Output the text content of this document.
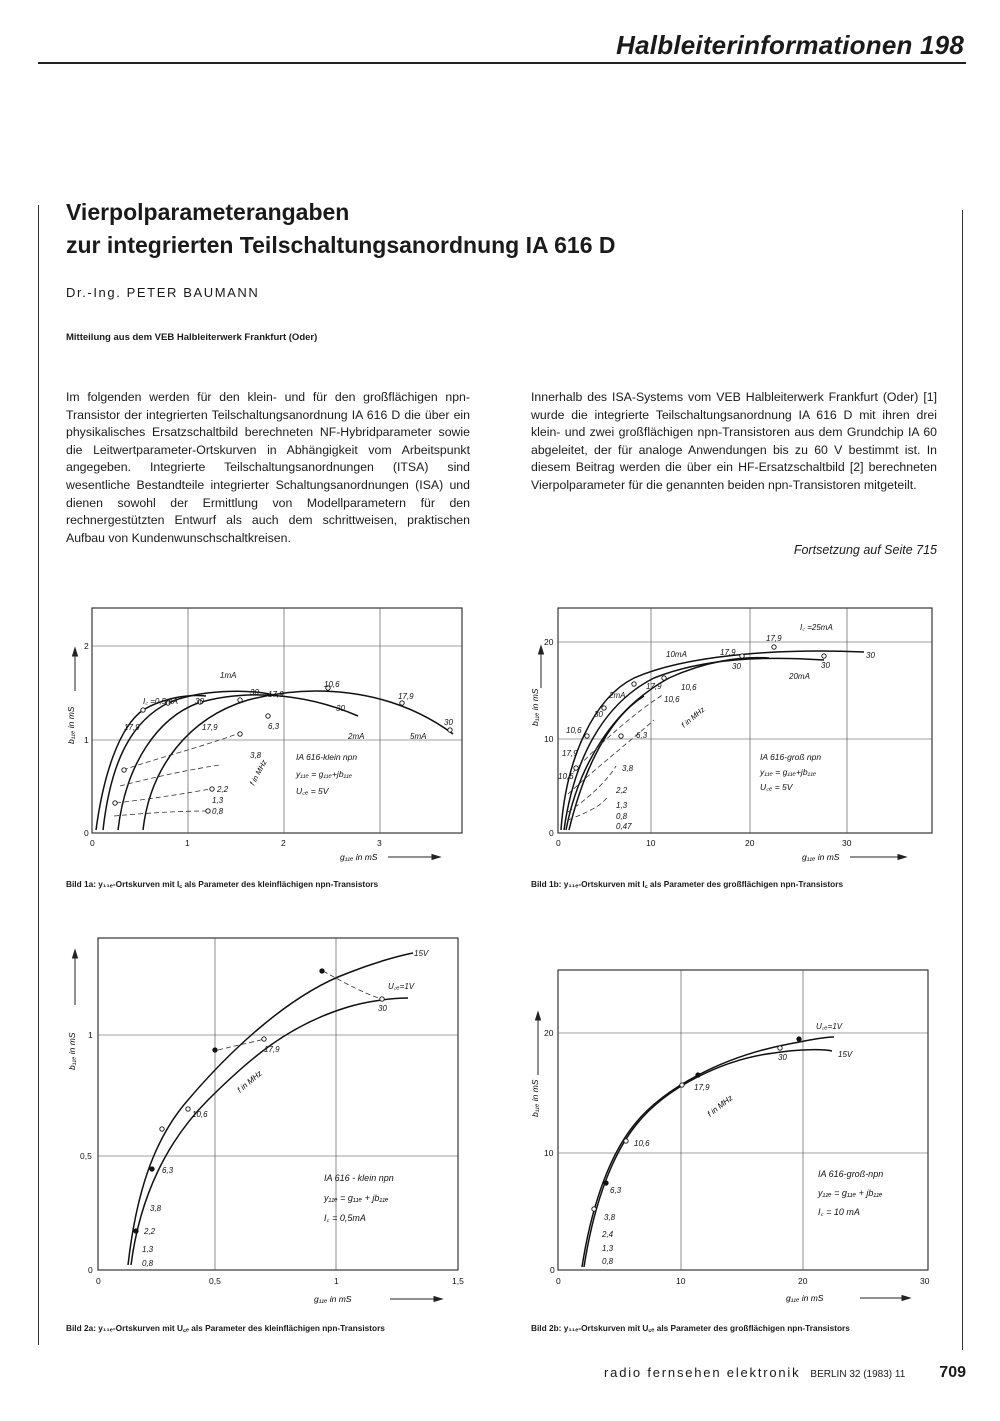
Halbleiterinformationen 198
Vierpolparameterangaben
zur integrierten Teilschaltungsanordnung IA 616 D
Dr.-Ing. PETER BAUMANN
Mitteilung aus dem VEB Halbleiterwerk Frankfurt (Oder)

Im folgenden werden für den klein- und für den großflächigen npn-Transistor der integrierten Teilschaltungsanordnung IA 616 D die über ein physikalisches Ersatzschaltbild berechneten NF-Hybridparameter sowie die Leitwertparameter-Ortskurven in Abhängigkeit vom Arbeitspunkt angegeben. Integrierte Teilschaltungsanordnungen (ITSA) sind wesentliche Bestandteile integrierter Schaltungsanordnungen (ISA) und dienen sowohl der Ermittlung von Modellparametern für den rechnergestützten Entwurf als auch dem schrittweisen, praktischen Aufbau von Kundenwunschschaltkreisen.

Innerhalb des ISA-Systems vom VEB Halbleiterwerk Frankfurt (Oder) [1] wurde die integrierte Teilschaltungsanordnung IA 616 D mit ihren drei klein- und zwei großflächigen npn-Transistoren aus dem Grundchip IA 60 abgeleitet, der für analoge Anwendungen bis zu 60 V bestimmt ist. In diesem Beitrag werden die über ein HF-Ersatzschaltbild [2] berechneten Vierpolparameter für die genannten beiden npn-Transistoren mitgeteilt.

Fortsetzung auf Seite 715
I꜀ =0,5mA
1mA
2mA	5mA
30
17,9	17,9
30 17,9
6,3
10,6
30
17,9
30
3,8
2,2
1,3
0,8
IA 616-klein npn
y₁₁ₑ = g₁₁ₑ+jb₁₁ₑ
U꜀ₑ = 5V
f in MHz
0	1	2	3
0
1
2
b₁₁ₑ in mS
g₁₁ₑ in mS

Bild 1a: y₁₁ₑ-Ortskurven mit I꜀ als Parameter des kleinflächigen npn-Transistors

I꜀ =25mA
20mA
10mA
2mA
17,9
17,9
30	30
30
17,9
10,6
10,6
30
10,6
6,3
17,9
10,6
3,8
2,2
1,3
0,8
0,47
IA 616-groß npn
y₁₁ₑ = g₁₁ₑ+jb₁₁ₑ
U꜀ₑ = 5V
f in MHz
0	10	20	30
0
10
20
b₁₁ₑ in mS
g₁₁ₑ in mS

Bild 1b: y₁₁ₑ-Ortskurven mit I꜀ als Parameter des großflächigen npn-Transistors

15V
U꜀ₑ=1V
30
17,9
10,6
6,3
3,8
2,2
1,3
0,8
f in MHz
IA 616 - klein npn
y₁₁ₑ = g₁₁ₑ + jb₁₁ₑ
I꜀ = 0,5mA
0	0,5	1	1,5
0
0,5
1
b₁₁ₑ in mS
g₁₁ₑ in mS

Bild 2a: y₁₁ₑ-Ortskurven mit U꜀ₑ als Parameter des kleinflächigen npn-Transistors

U꜀ₑ=1V
15V
30
17,9
10,6
6,3
3,8
2,4
1,3
0,8
f in MHz
IA 616-groß-npn
y₁₁ₑ = g₁₁ₑ + jb₁₁ₑ
I꜀ = 10 mA
0	10	20	30
0
10
20
b₁₁ₑ in mS
g₁₁ₑ in mS

Bild 2b: y₁₁ₑ-Ortskurven mit U꜀ₑ als Parameter des großflächigen npn-Transistors

radio fernsehen elektronik BERLIN 32 (1983) 11 709
